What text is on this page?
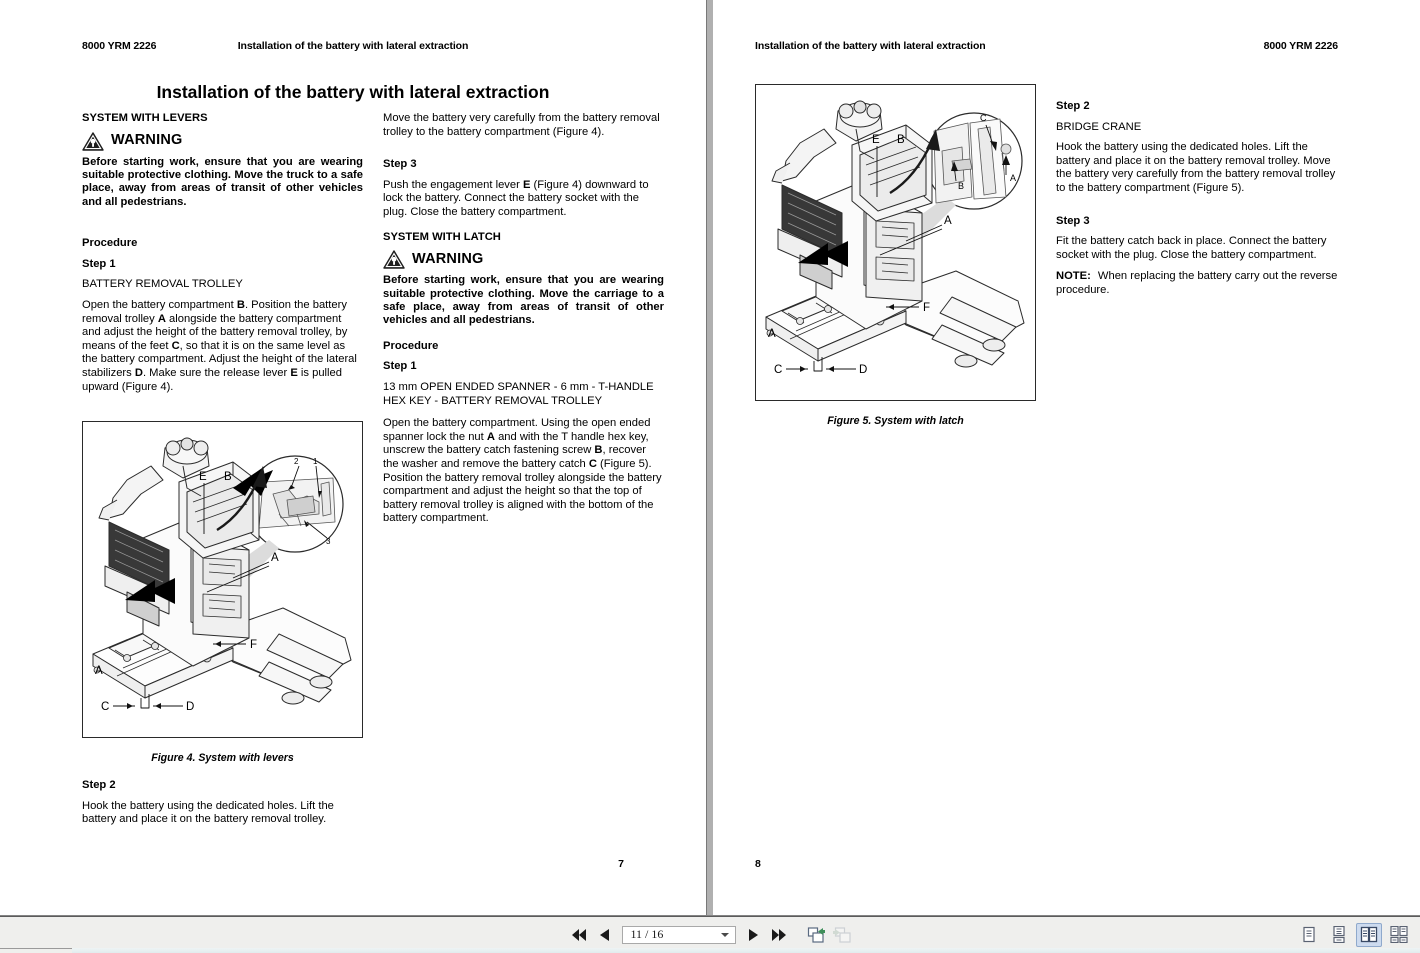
8000 YRM 2226	Installation of the battery with lateral extraction
Installation of the battery with lateral extraction
SYSTEM WITH LEVERS
WARNING
Before starting work, ensure that you are wearing suitable protective clothing. Move the truck to a safe place, away from areas of transit of other vehicles and all pedestrians.
Procedure
Step 1
BATTERY REMOVAL TROLLEY

Open the battery compartment B. Position the battery removal trolley A alongside the battery compartment and adjust the height of the battery removal trolley, by means of the feet C, so that it is on the same level as the battery compartment. Adjust the height of the lateral stabilizers D. Make sure the release lever E is pulled upward (Figure 4).

E B
A
A
F
C	D
2 1
3
Figure 4. System with levers
Step 2

Hook the battery using the dedicated holes. Lift the battery and place it on the battery removal trolley.

Move the battery very carefully from the battery removal trolley to the battery compartment (Figure 4).

Step 3

Push the engagement lever E (Figure 4) downward to lock the battery. Connect the battery socket with the plug. Close the battery compartment.

SYSTEM WITH LATCH
WARNING
Before starting work, ensure that you are wearing suitable protective clothing. Move the carriage to a safe place, away from areas of transit of other vehicles and all pedestrians.
Procedure
Step 1

13 mm OPEN ENDED SPANNER - 6 mm - T-HANDLE HEX KEY - BATTERY REMOVAL TROLLEY

Open the battery compartment. Using the open ended spanner lock the nut A and with the T handle hex key, unscrew the battery catch fastening screw B, recover the washer and remove the battery catch C (Figure 5). Position the battery removal trolley alongside the battery compartment and adjust the height so that the top of battery removal trolley is aligned with the bottom of the battery compartment.

7
Installation of the battery with lateral extraction	8000 YRM 2226
E B
A
A
F
C	D
C
B
A
Figure 5. System with latch
Step 2
BRIDGE CRANE

Hook the battery using the dedicated holes. Lift the battery and place it on the battery removal trolley. Move the battery very carefully from the battery removal trolley to the battery compartment (Figure 5).

Step 3

Fit the battery catch back in place. Connect the battery socket with the plug. Close the battery compartment.

NOTE: When replacing the battery carry out the reverse procedure.

8
11 / 16
